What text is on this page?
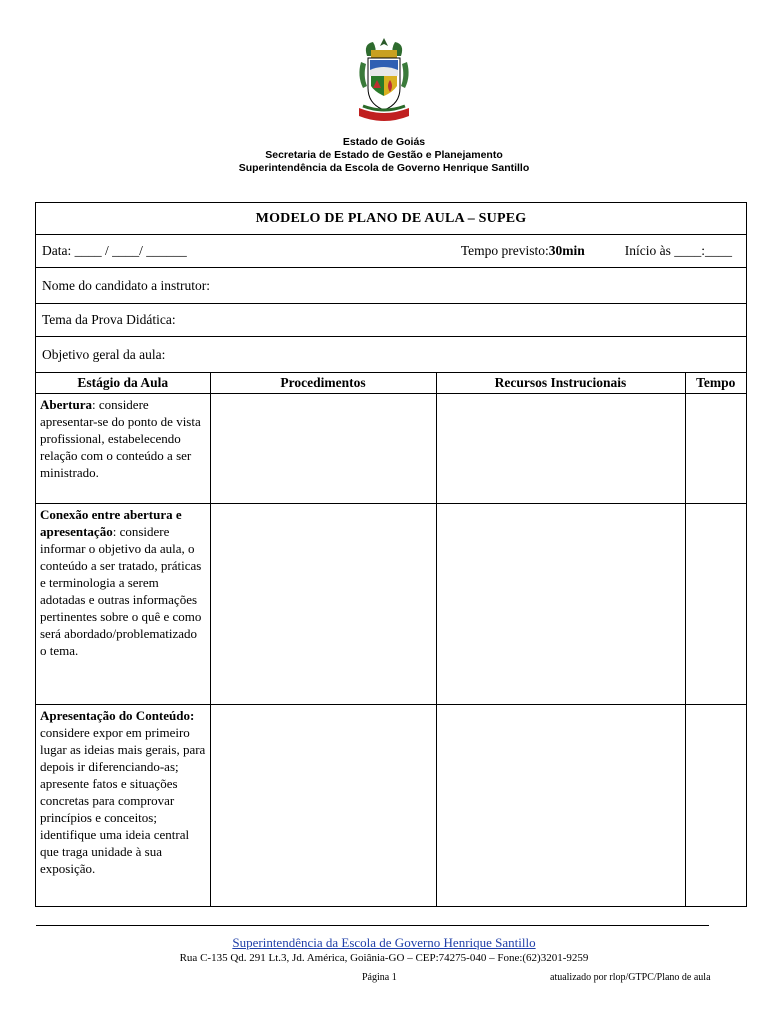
Estado de Goiás
Secretaria de Estado de Gestão e Planejamento
Superintendência da Escola de Governo Henrique Santillo
MODELO DE PLANO DE AULA – SUPEG
Data: ____ / ____/ ______	Tempo previsto:30min	Início às ____:____
Nome do candidato a instrutor:
Tema da Prova Didática:
Objetivo geral da aula:
Estágio da Aula	Procedimentos	Recursos Instrucionais	Tempo
Abertura: considere apresentar-se do ponto de vista profissional, estabelecendo relação com o conteúdo a ser ministrado.			
Conexão entre abertura e apresentação: considere informar o objetivo da aula, o conteúdo a ser tratado, práticas e terminologia a serem adotadas e outras informações pertinentes sobre o quê e como será abordado/problematizado o tema.			
Apresentação do Conteúdo: considere expor em primeiro lugar as ideias mais gerais, para depois ir diferenciando-as; apresente fatos e situações concretas para comprovar princípios e conceitos; identifique uma ideia central que traga unidade à sua exposição.			
Superintendência da Escola de Governo Henrique Santillo
Rua C-135 Qd. 291 Lt.3, Jd. América, Goiânia-GO – CEP:74275-040 – Fone:(62)3201-9259
Página 1	atualizado por rlop/GTPC/Plano de aula
